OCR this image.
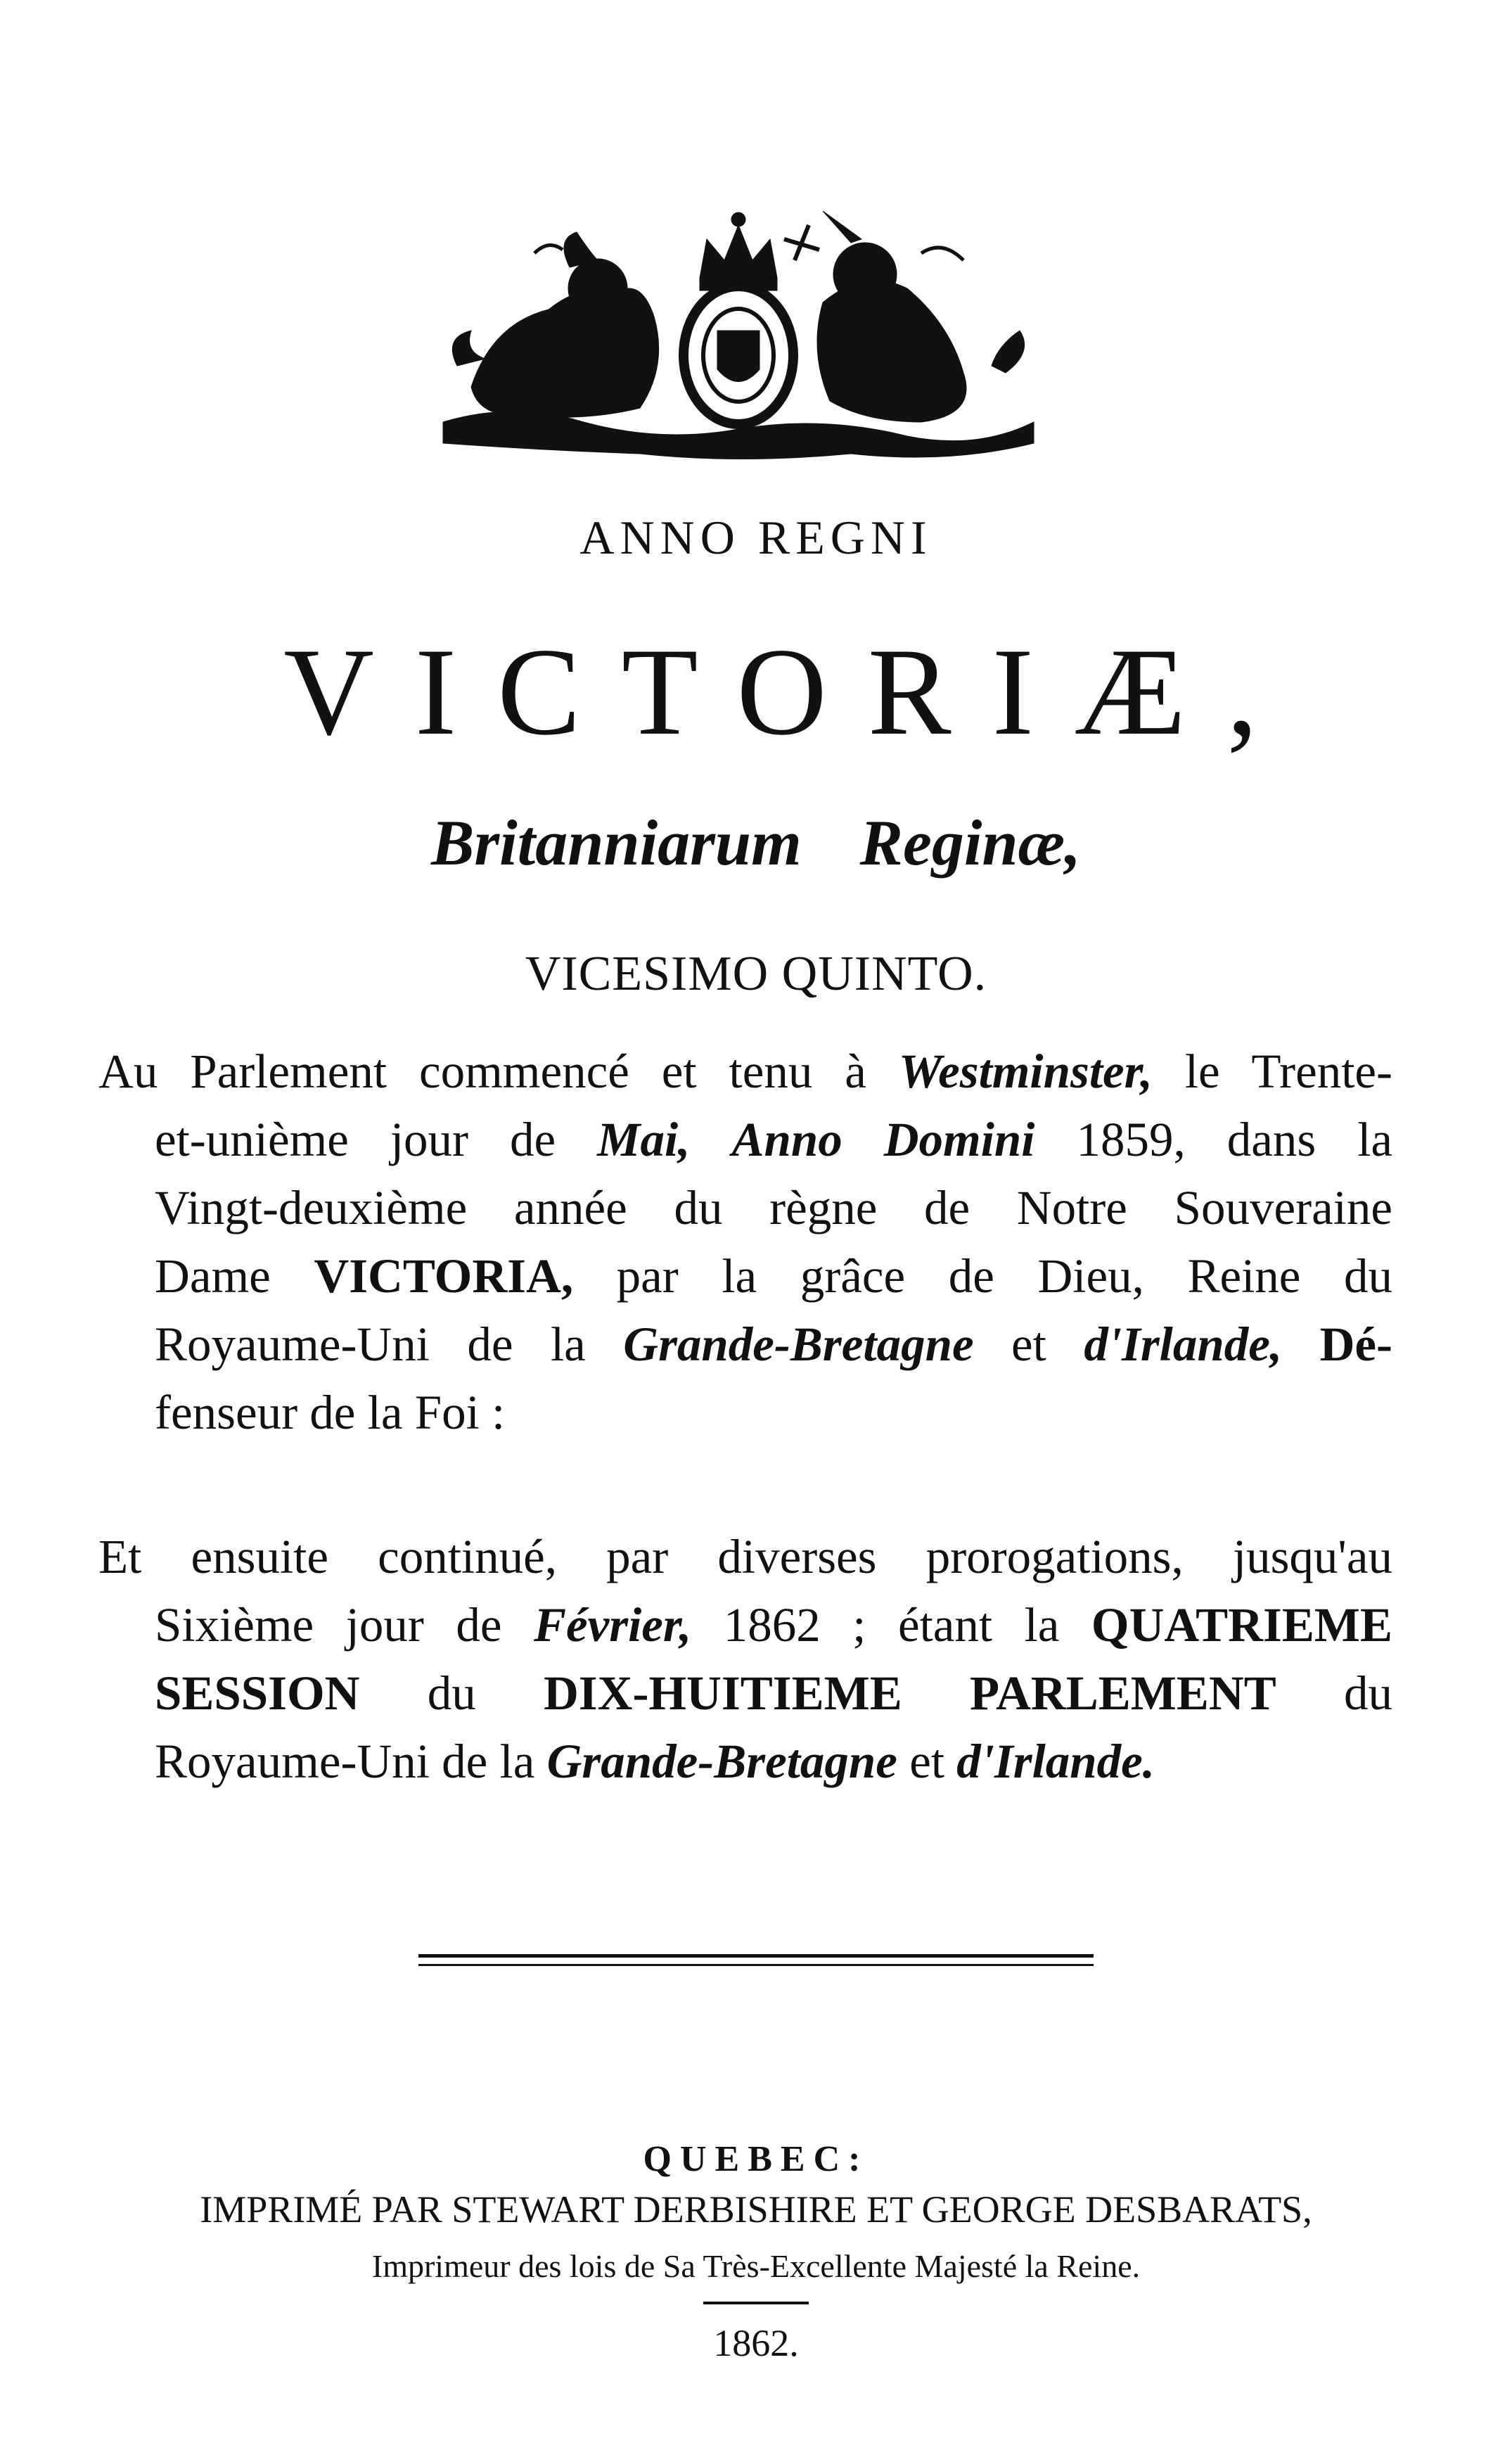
ANNO REGNI
VICTORIÆ,
Britanniarum Reginæ,
VICESIMO QUINTO.
Au Parlement commencé et tenu à Westminster, le Trente-
et-unième jour de Mai, Anno Domini 1859, dans la
Vingt-deuxième année du règne de Notre Souveraine
Dame VICTORIA, par la grâce de Dieu, Reine du
Royaume-Uni de la Grande-Bretagne et d'Irlande, Dé-
fenseur de la Foi :
Et ensuite continué, par diverses prorogations, jusqu'au
Sixième jour de Février, 1862 ; étant la QUATRIEME
SESSION du DIX-HUITIEME PARLEMENT du
Royaume-Uni de la Grande-Bretagne et d'Irlande.
QUEBEC:
IMPRIMÉ PAR STEWART DERBISHIRE ET GEORGE DESBARATS,
Imprimeur des lois de Sa Très-Excellente Majesté la Reine.
1862.
